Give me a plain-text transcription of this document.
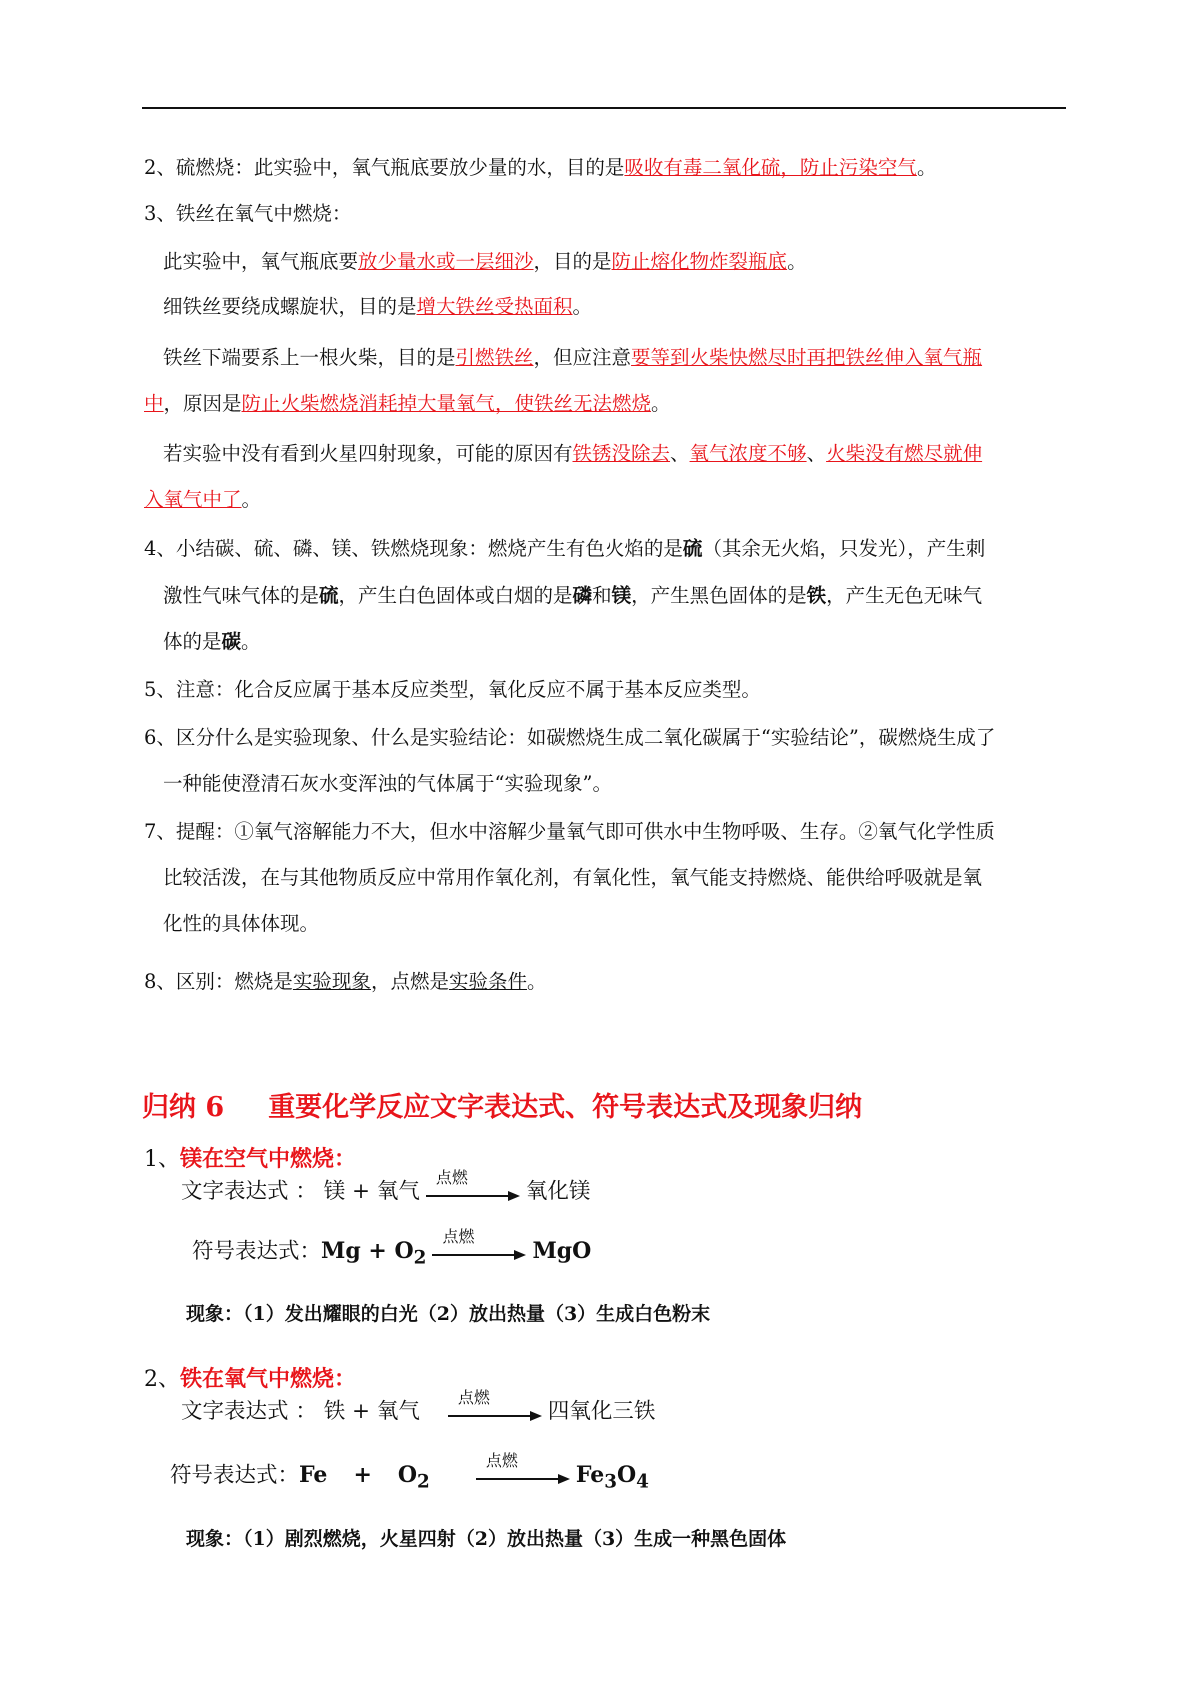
2、硫燃烧：此实验中，氧气瓶底要放少量的水，目的是吸收有毒二氧化硫，防止污染空气。
3、铁丝在氧气中燃烧：
此实验中，氧气瓶底要放少量水或一层细沙，目的是防止熔化物炸裂瓶底。
细铁丝要绕成螺旋状，目的是增大铁丝受热面积。
铁丝下端要系上一根火柴，目的是引燃铁丝，但应注意要等到火柴快燃尽时再把铁丝伸入氧气瓶
中，原因是防止火柴燃烧消耗掉大量氧气，使铁丝无法燃烧。
若实验中没有看到火星四射现象，可能的原因有铁锈没除去、氧气浓度不够、火柴没有燃尽就伸
入氧气中了。
4、小结碳、硫、磷、镁、铁燃烧现象：燃烧产生有色火焰的是硫（其余无火焰，只发光），产生刺
激性气味气体的是硫，产生白色固体或白烟的是磷和镁，产生黑色固体的是铁，产生无色无味气
体的是碳。
5、注意：化合反应属于基本反应类型，氧化反应不属于基本反应类型。
6、区分什么是实验现象、什么是实验结论：如碳燃烧生成二氧化碳属于“实验结论”，碳燃烧生成了
一种能使澄清石灰水变浑浊的气体属于“实验现象”。
7、提醒：①氧气溶解能力不大，但水中溶解少量氧气即可供水中生物呼吸、生存。②氧气化学性质
比较活泼，在与其他物质反应中常用作氧化剂，有氧化性，氧气能支持燃烧、能供给呼吸就是氧
化性的具体体现。
8、区别：燃烧是实验现象，点燃是实验条件。
归纳 6 重要化学反应文字表达式、符号表达式及现象归纳
1、镁在空气中燃烧：
文字表达式 ： 镁 + 氧气
点燃
氧化镁
符号表达式：$Mg + O_2$
点燃
MgO
现象：（1）发出耀眼的白光（2）放出热量（3）生成白色粉末
2、铁在氧气中燃烧：
文字表达式 ： 铁 + 氧气
点燃
四氧化三铁
符号表达式：$Fe + O_2$
点燃
$Fe_3O_4$
现象：（1）剧烈燃烧，火星四射（2）放出热量（3）生成一种黑色固体
